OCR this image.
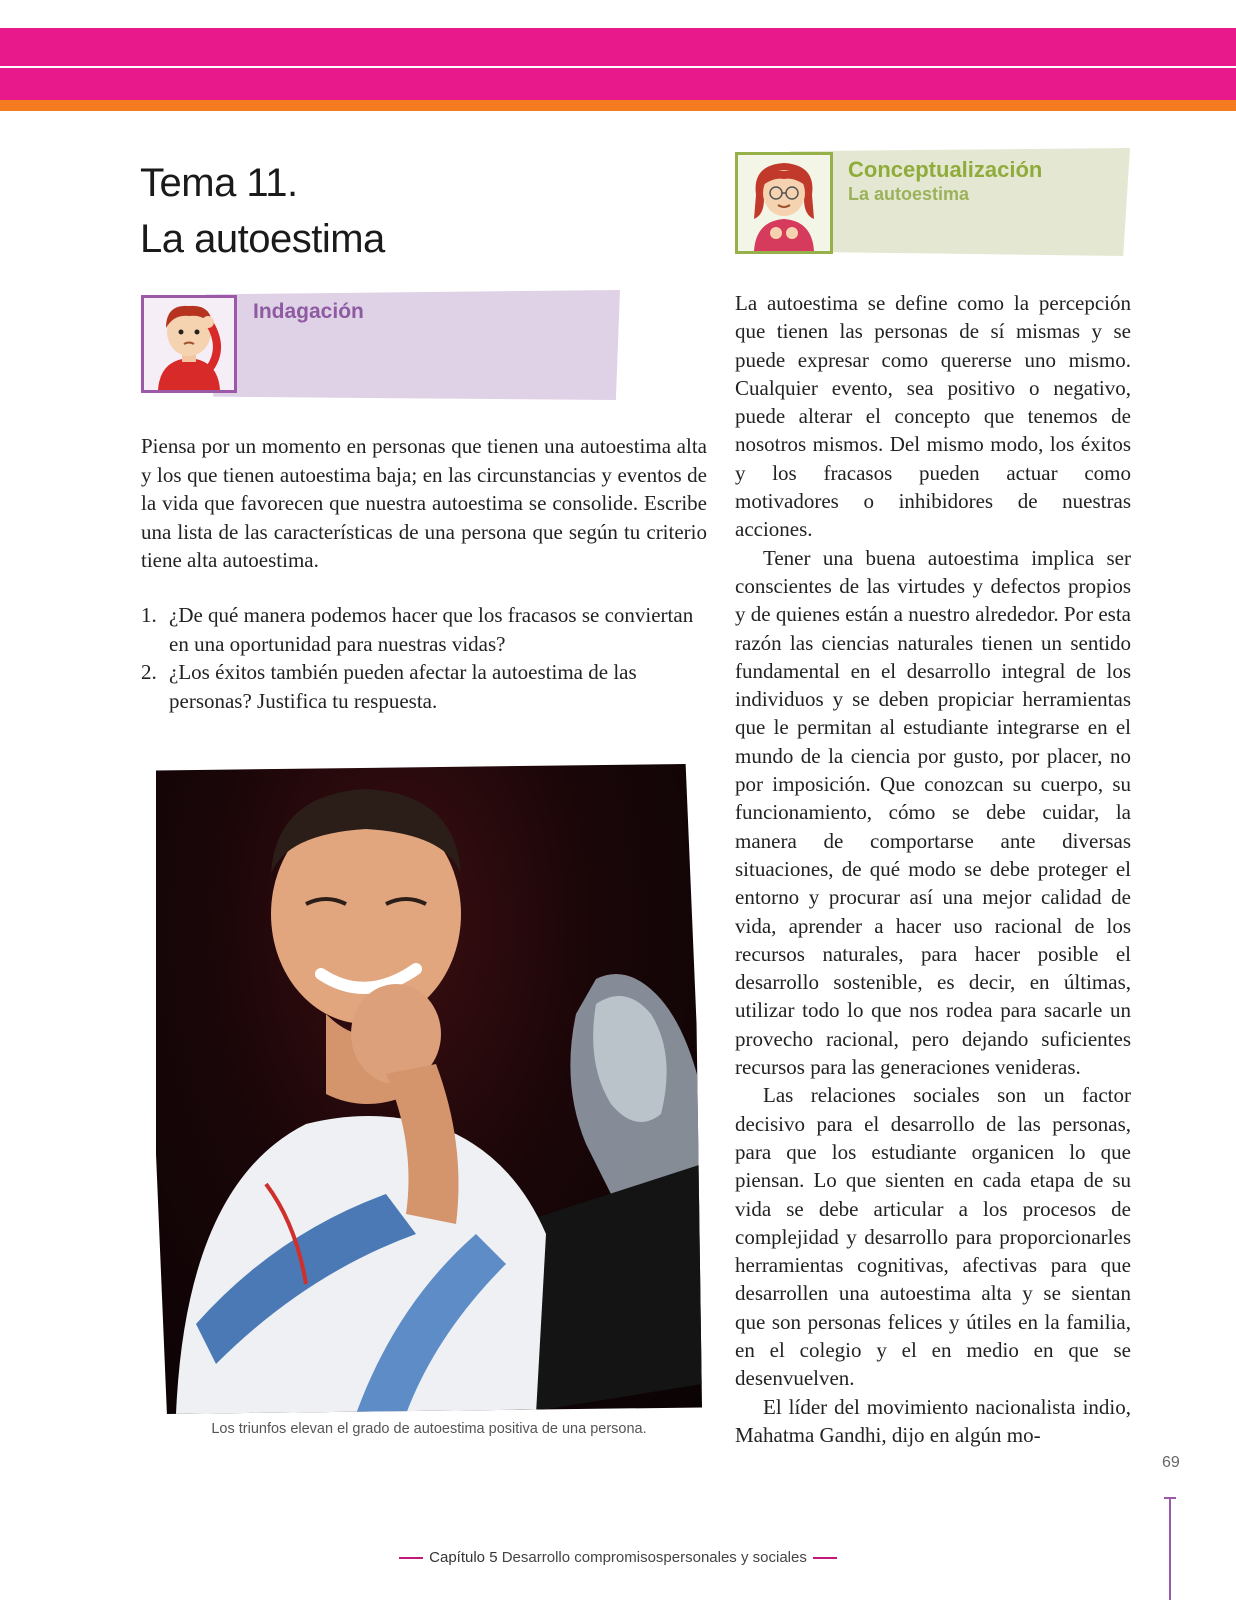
Tema 11.
La autoestima
Indagación
Conceptualización
La autoestima

Piensa por un momento en personas que tienen una autoestima alta y los que tienen autoestima baja; en las circunstancias y eventos de la vida que favorecen que nuestra autoestima se consolide. Escribe una lista de las características de una persona que según tu criterio tiene alta autoestima.

1. ¿De qué manera podemos hacer que los fracasos se conviertan en una oportunidad para nuestras vidas?
2. ¿Los éxitos también pueden afectar la autoestima de las personas? Justifica tu respuesta.
Los triunfos elevan el grado de autoestima positiva de una persona.

La autoestima se define como la percepción que tienen las personas de sí mismas y se puede expresar como quererse uno mismo. Cualquier evento, sea positivo o negativo, puede alterar el concepto que tenemos de nosotros mismos. Del mismo modo, los éxitos y los fracasos pueden actuar como motivadores o inhibidores de nuestras acciones.

Tener una buena autoestima implica ser conscientes de las virtudes y defectos propios y de quienes están a nuestro alrededor. Por esta razón las ciencias naturales tienen un sentido fundamental en el desarrollo integral de los individuos y se deben propiciar herramientas que le permitan al estudiante integrarse en el mundo de la ciencia por gusto, por placer, no por imposición. Que conozcan su cuerpo, su funcionamiento, cómo se debe cuidar, la manera de comportarse ante diversas situaciones, de qué modo se debe proteger el entorno y procurar así una mejor calidad de vida, aprender a hacer uso racional de los recursos naturales, para hacer posible el desarrollo sostenible, es decir, en últimas, utilizar todo lo que nos rodea para sacarle un provecho racional, pero dejando suficientes recursos para las generaciones venideras.

Las relaciones sociales son un factor decisivo para el desarrollo de las personas, para que los estudiante organicen lo que piensan. Lo que sienten en cada etapa de su vida se debe articular a los procesos de complejidad y desarrollo para proporcionarles herramientas cognitivas, afectivas para que desarrollen una autoestima alta y se sientan que son personas felices y útiles en la familia, en el colegio y el en medio en que se desenvuelven.

El líder del movimiento nacionalista indio, Mahatma Gandhi, dijo en algún mo-

69
Capítulo 5 Desarrollo compromisospersonales y sociales
